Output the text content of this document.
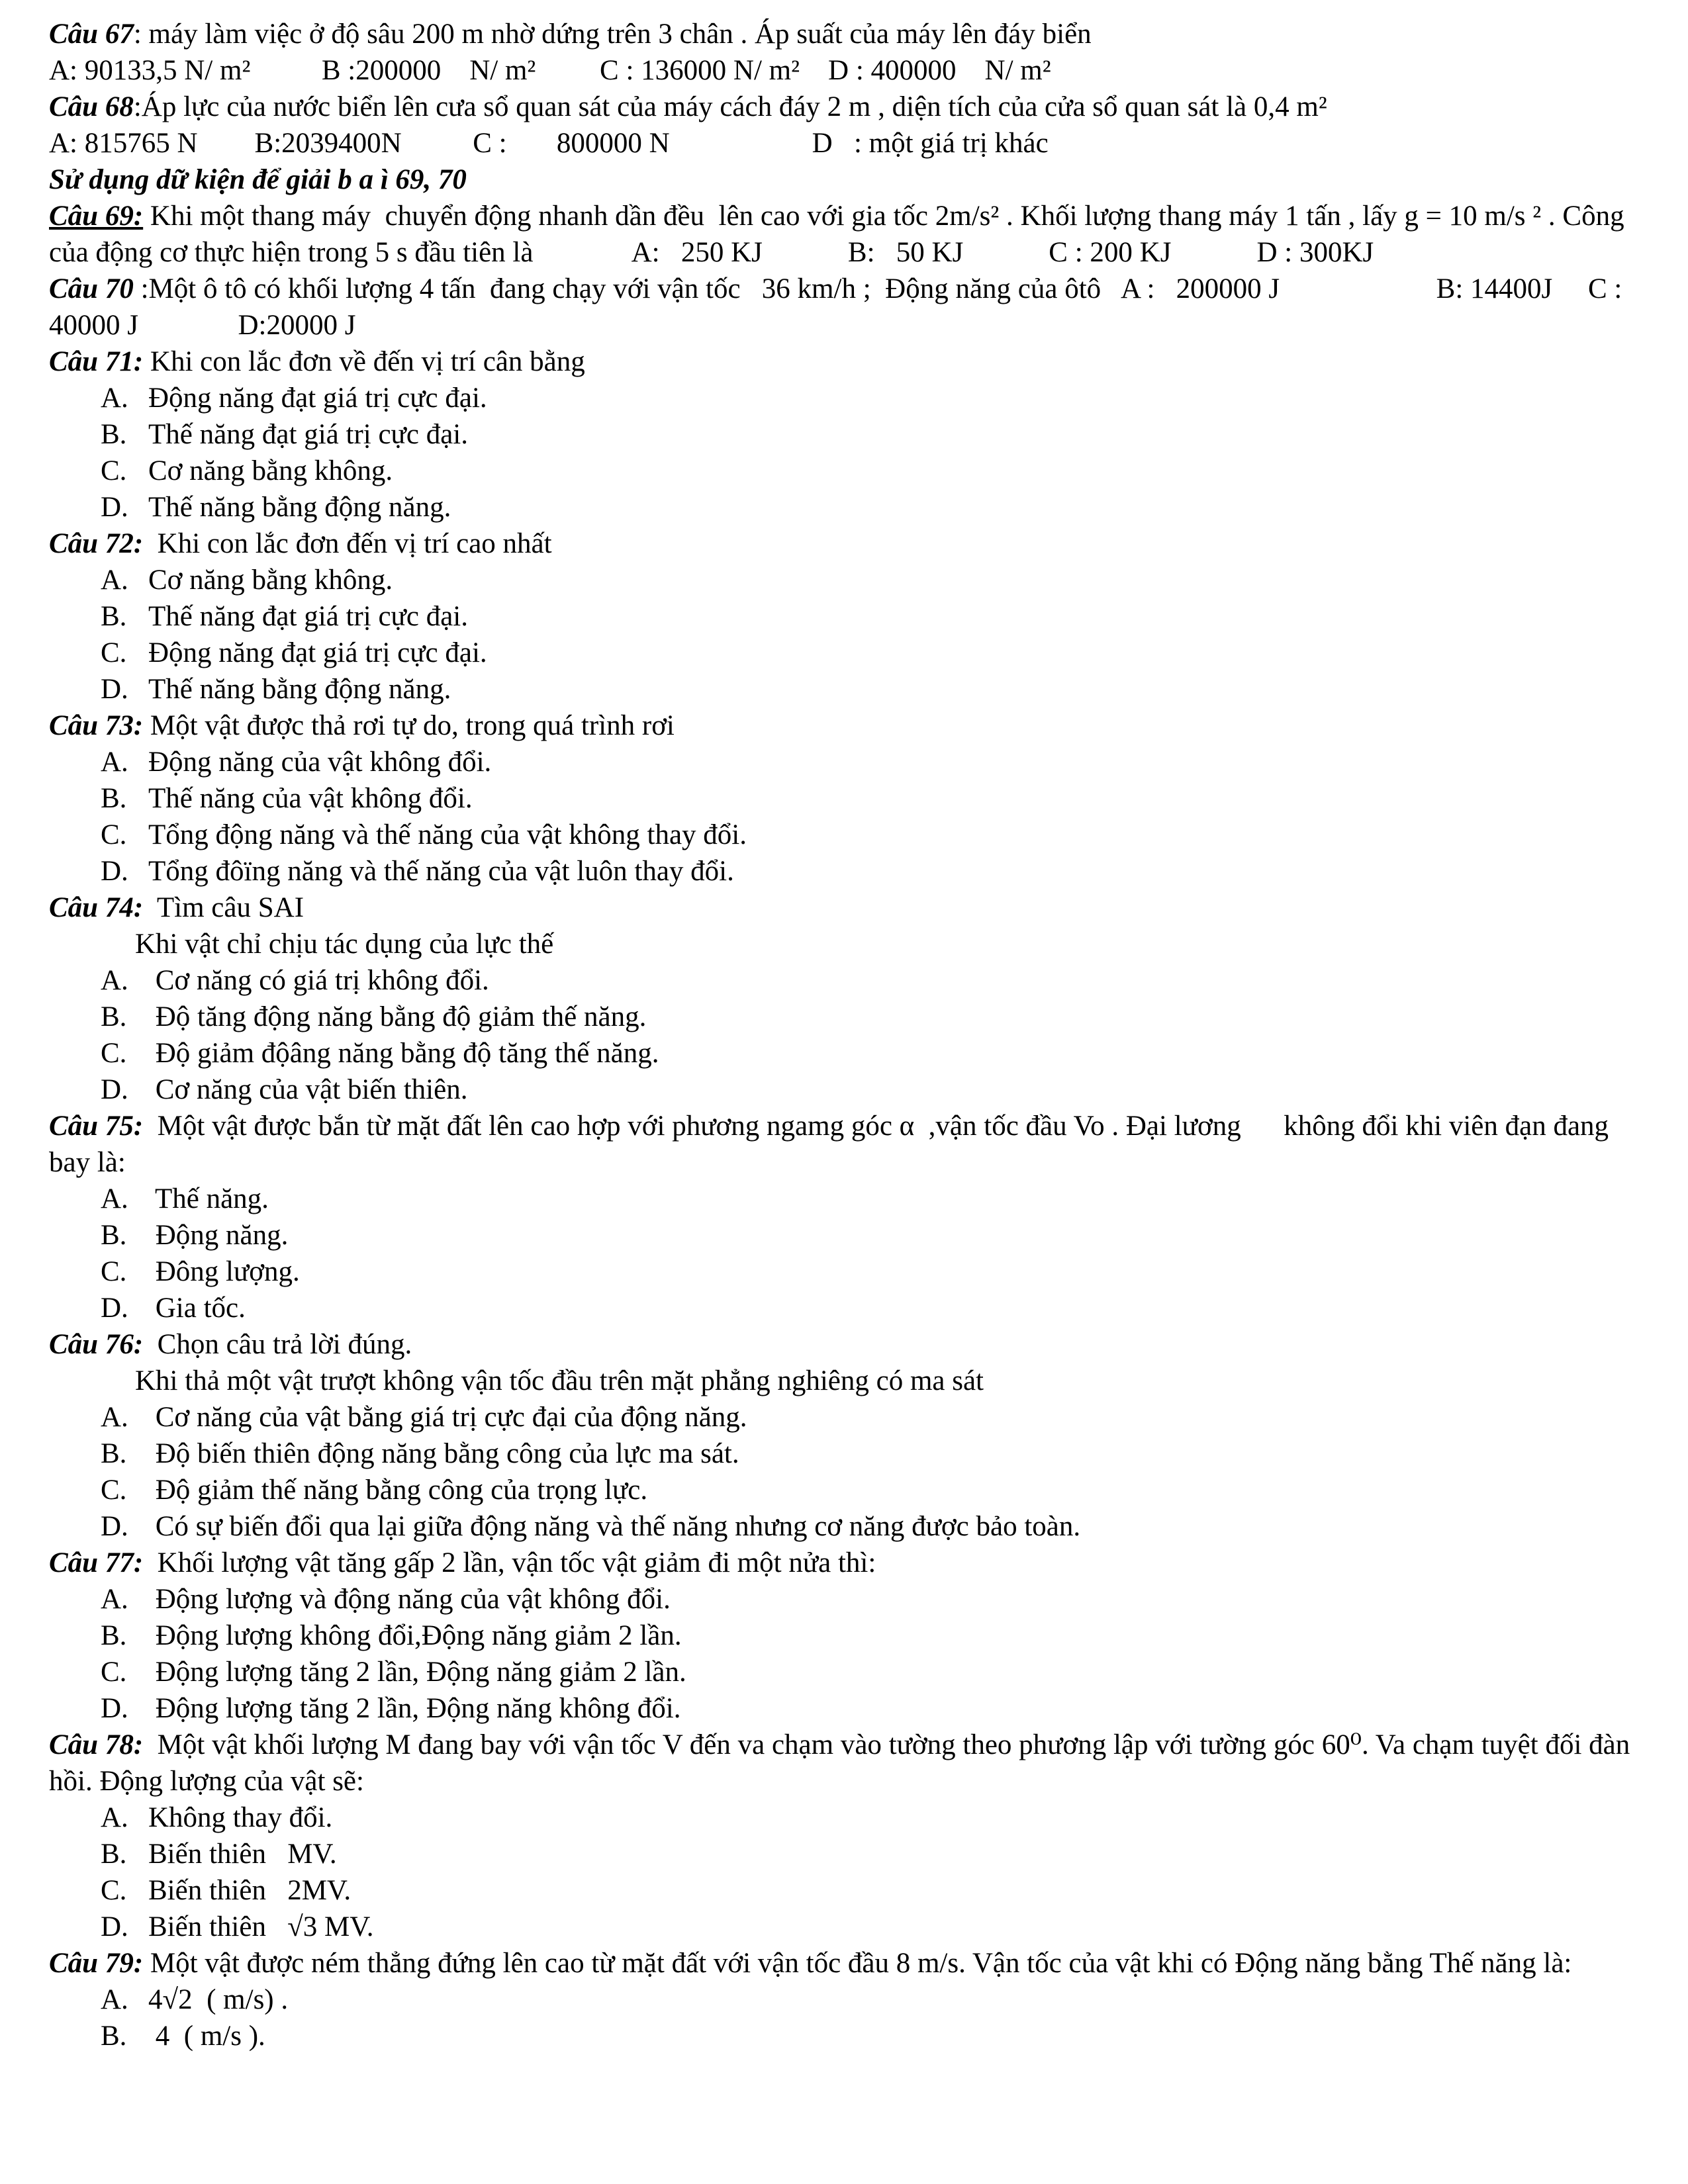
Câu 67: máy làm việc ở độ sâu 200 m nhờ dứng trên 3 chân . Áp suất của máy lên đáy biển

A: 90133,5 N/ m²          B :200000    N/ m²         C : 136000 N/ m²    D : 400000    N/ m²

Câu 68:Áp lực của nước biển lên cưa sổ quan sát của máy cách đáy 2 m , diện tích của cửa sổ quan sát là 0,4 m²

A: 815765 N        B:2039400N          C :       800000 N                    D   : một giá trị khác

Sử dụng dữ kiện để giải b a ì 69, 70

Câu 69: Khi một thang máy  chuyển động nhanh dần đều  lên cao với gia tốc 2m/s² . Khối lượng thang máy 1 tấn , lấy g = 10 m/s ² . Công của động cơ thực hiện trong 5 s đầu tiên là              A:   250 KJ            B:   50 KJ            C : 200 KJ            D : 300KJ

Câu 70 :Một ô tô có khối lượng 4 tấn  đang chạy với vận tốc   36 km/h ;  Động năng của ôtô   A :   200000 J                      B: 14400J     C : 40000 J              D:20000 J

Câu 71: Khi con lắc đơn về đến vị trí cân bằng

A. Động năng đạt giá trị cực đại.

B. Thế năng đạt giá trị cực đại.

C. Cơ năng bằng không.

D. Thế năng bằng động năng.

Câu 72:  Khi con lắc đơn đến vị trí cao nhất

A. Cơ năng bằng không.

B. Thế năng đạt giá trị cực đại.

C. Động năng đạt giá trị cực đại.

D. Thế năng bằng động năng.

Câu 73: Một vật được thả rơi tự do, trong quá trình rơi

A. Động năng của vật không đổi.

B. Thế năng của vật không đổi.

C. Tổng động năng và thế năng của vật không thay đổi.

D. Tổng đôïng năng và thế năng của vật luôn thay đổi.

Câu 74:  Tìm câu SAI

Khi vật chỉ chịu tác dụng của lực thế

A. Cơ năng có giá trị không đổi.

B. Độ tăng động năng bằng độ giảm thế năng.

C. Độ giảm độâng năng bằng độ tăng thế năng.

D. Cơ năng của vật biến thiên.

Câu 75:  Một vật được bắn từ mặt đất lên cao hợp với phương ngamg góc α  ,vận tốc đầu Vo . Đại lương      không đổi khi viên đạn đang bay là:

A. Thế năng.

B. Động năng.

C. Đông lượng.

D. Gia tốc.

Câu 76:  Chọn câu trả lời đúng.

Khi thả một vật trượt không vận tốc đầu trên mặt phẳng nghiêng có ma sát

A. Cơ năng của vật bằng giá trị cực đại của động năng.

B. Độ biến thiên động năng bằng công của lực ma sát.

C. Độ giảm thế năng bằng công của trọng lực.

D. Có sự biến đổi qua lại giữa động năng và thế năng nhưng cơ năng được bảo toàn.

Câu 77:  Khối lượng vật tăng gấp 2 lần, vận tốc vật giảm đi một nửa thì:

A. Động lượng và động năng của vật không đổi.

B. Động lượng không đổi,Động năng giảm 2 lần.

C. Động lượng tăng 2 lần, Động năng giảm 2 lần.

D. Động lượng tăng 2 lần, Động năng không đổi.

Câu 78:  Một vật khối lượng M đang bay với vận tốc V đến va chạm vào tường theo phương lập với tường góc 60⁰. Va chạm tuyệt đối đàn hồi. Động lượng của vật sẽ:

A. Không thay đổi.

B. Biến thiên   MV.

C. Biến thiên   2MV.

D. Biến thiên   √3 MV.

Câu 79: Một vật được ném thẳng đứng lên cao từ mặt đất với vận tốc đầu 8 m/s. Vận tốc của vật khi có Động năng bằng Thế năng là:

A. 4√2  ( m/s) .

B. 4  ( m/s ).
